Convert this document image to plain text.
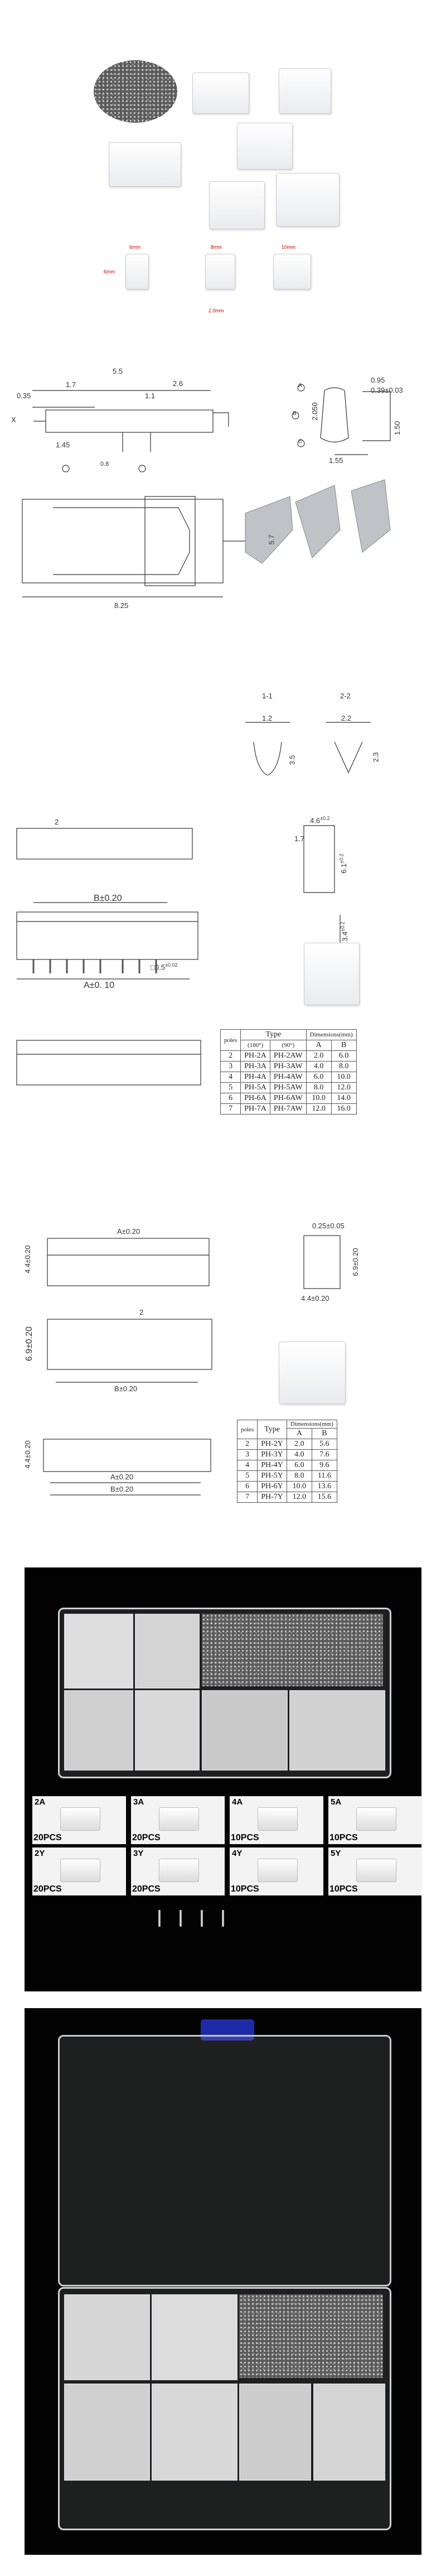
6mm	8mm	10mm
6mm
2.0mm
5.5
2.6
1.7
1.1
0.35
1.45
1.55
X
A
B
C
0.95
0.39±0.03
2.050
1.50
0.8
5.7
8.25
1-1	2-2
1.2	2.2
3.5	2.3
2
B±0.20
A±0. 10
$□0.5^{\pm 0.02}$
$4.6^{\pm 0.2}$
$6.1^{\pm 0.2}$
1.7
$3.4^{\pm 0.2}$
poles	Type		Dimensions(mm)	
	(180°)	(90°)	A	B
2	PH-2A	PH-2AW	2.0	6.0
3	PH-3A	PH-3AW	4.0	8.0
4	PH-4A	PH-4AW	6.0	10.0
5	PH-5A	PH-5AW	8.0	12.0
6	PH-6A	PH-6AW	10.0	14.0
7	PH-7A	PH-7AW	12.0	16.0
A±0.20
4.4±0.20
0.25±0.05
6.9±0.20
4.4±0.20
2
6.9±0.20
B±0.20
4.4±0.20
A±0.20
B±0.20
poles	Type	Dimensions(mm)	
		A	B
2	PH-2Y	2.0	5.6
3	PH-3Y	4.0	7.6
4	PH-4Y	6.0	9.6
5	PH-5Y	8.0	11.6
6	PH-6Y	10.0	13.6
7	PH-7Y	12.0	15.6
2A
20PCS
3A
20PCS
4A
10PCS
5A
10PCS
2Y
20PCS
3Y
20PCS
4Y
10PCS
5Y
10PCS
